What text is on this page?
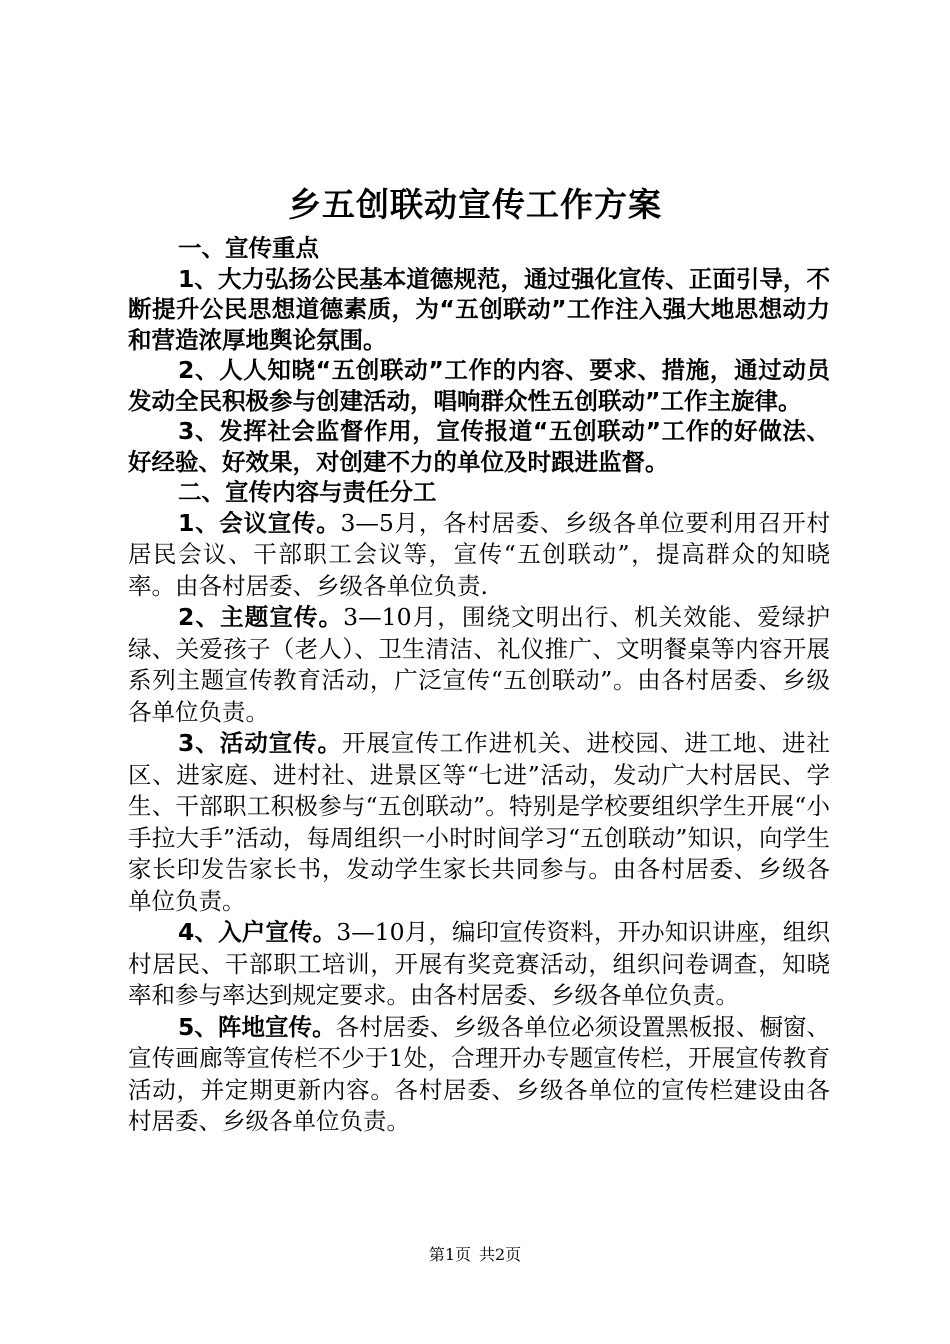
乡五创联动宣传工作方案

一、宣传重点

1、大力弘扬公民基本道德规范，通过强化宣传、正面引导，不断提升公民思想道德素质，为“五创联动”工作注入强大地思想动力和营造浓厚地舆论氛围。

2、人人知晓“五创联动”工作的内容、要求、措施，通过动员发动全民积极参与创建活动，唱响群众性五创联动”工作主旋律。

3、发挥社会监督作用，宣传报道“五创联动”工作的好做法、好经验、好效果，对创建不力的单位及时跟进监督。

二、宣传内容与责任分工

1、会议宣传。3—5月，各村居委、乡级各单位要利用召开村居民会议、干部职工会议等，宣传“五创联动”，提高群众的知晓率。由各村居委、乡级各单位负责.

2、主题宣传。3—10月，围绕文明出行、机关效能、爱绿护绿、关爱孩子（老人）、卫生清洁、礼仪推广、文明餐桌等内容开展系列主题宣传教育活动，广泛宣传“五创联动”。由各村居委、乡级各单位负责。

3、活动宣传。开展宣传工作进机关、进校园、进工地、进社区、进家庭、进村社、进景区等“七进”活动，发动广大村居民、学生、干部职工积极参与“五创联动”。特别是学校要组织学生开展“小手拉大手”活动，每周组织一小时时间学习“五创联动”知识，向学生家长印发告家长书，发动学生家长共同参与。由各村居委、乡级各单位负责。

4、入户宣传。3—10月，编印宣传资料，开办知识讲座，组织村居民、干部职工培训，开展有奖竞赛活动，组织问卷调查，知晓率和参与率达到规定要求。由各村居委、乡级各单位负责。

5、阵地宣传。各村居委、乡级各单位必须设置黑板报、橱窗、宣传画廊等宣传栏不少于1处，合理开办专题宣传栏，开展宣传教育活动，并定期更新内容。各村居委、乡级各单位的宣传栏建设由各村居委、乡级各单位负责。

第1页 共2页
